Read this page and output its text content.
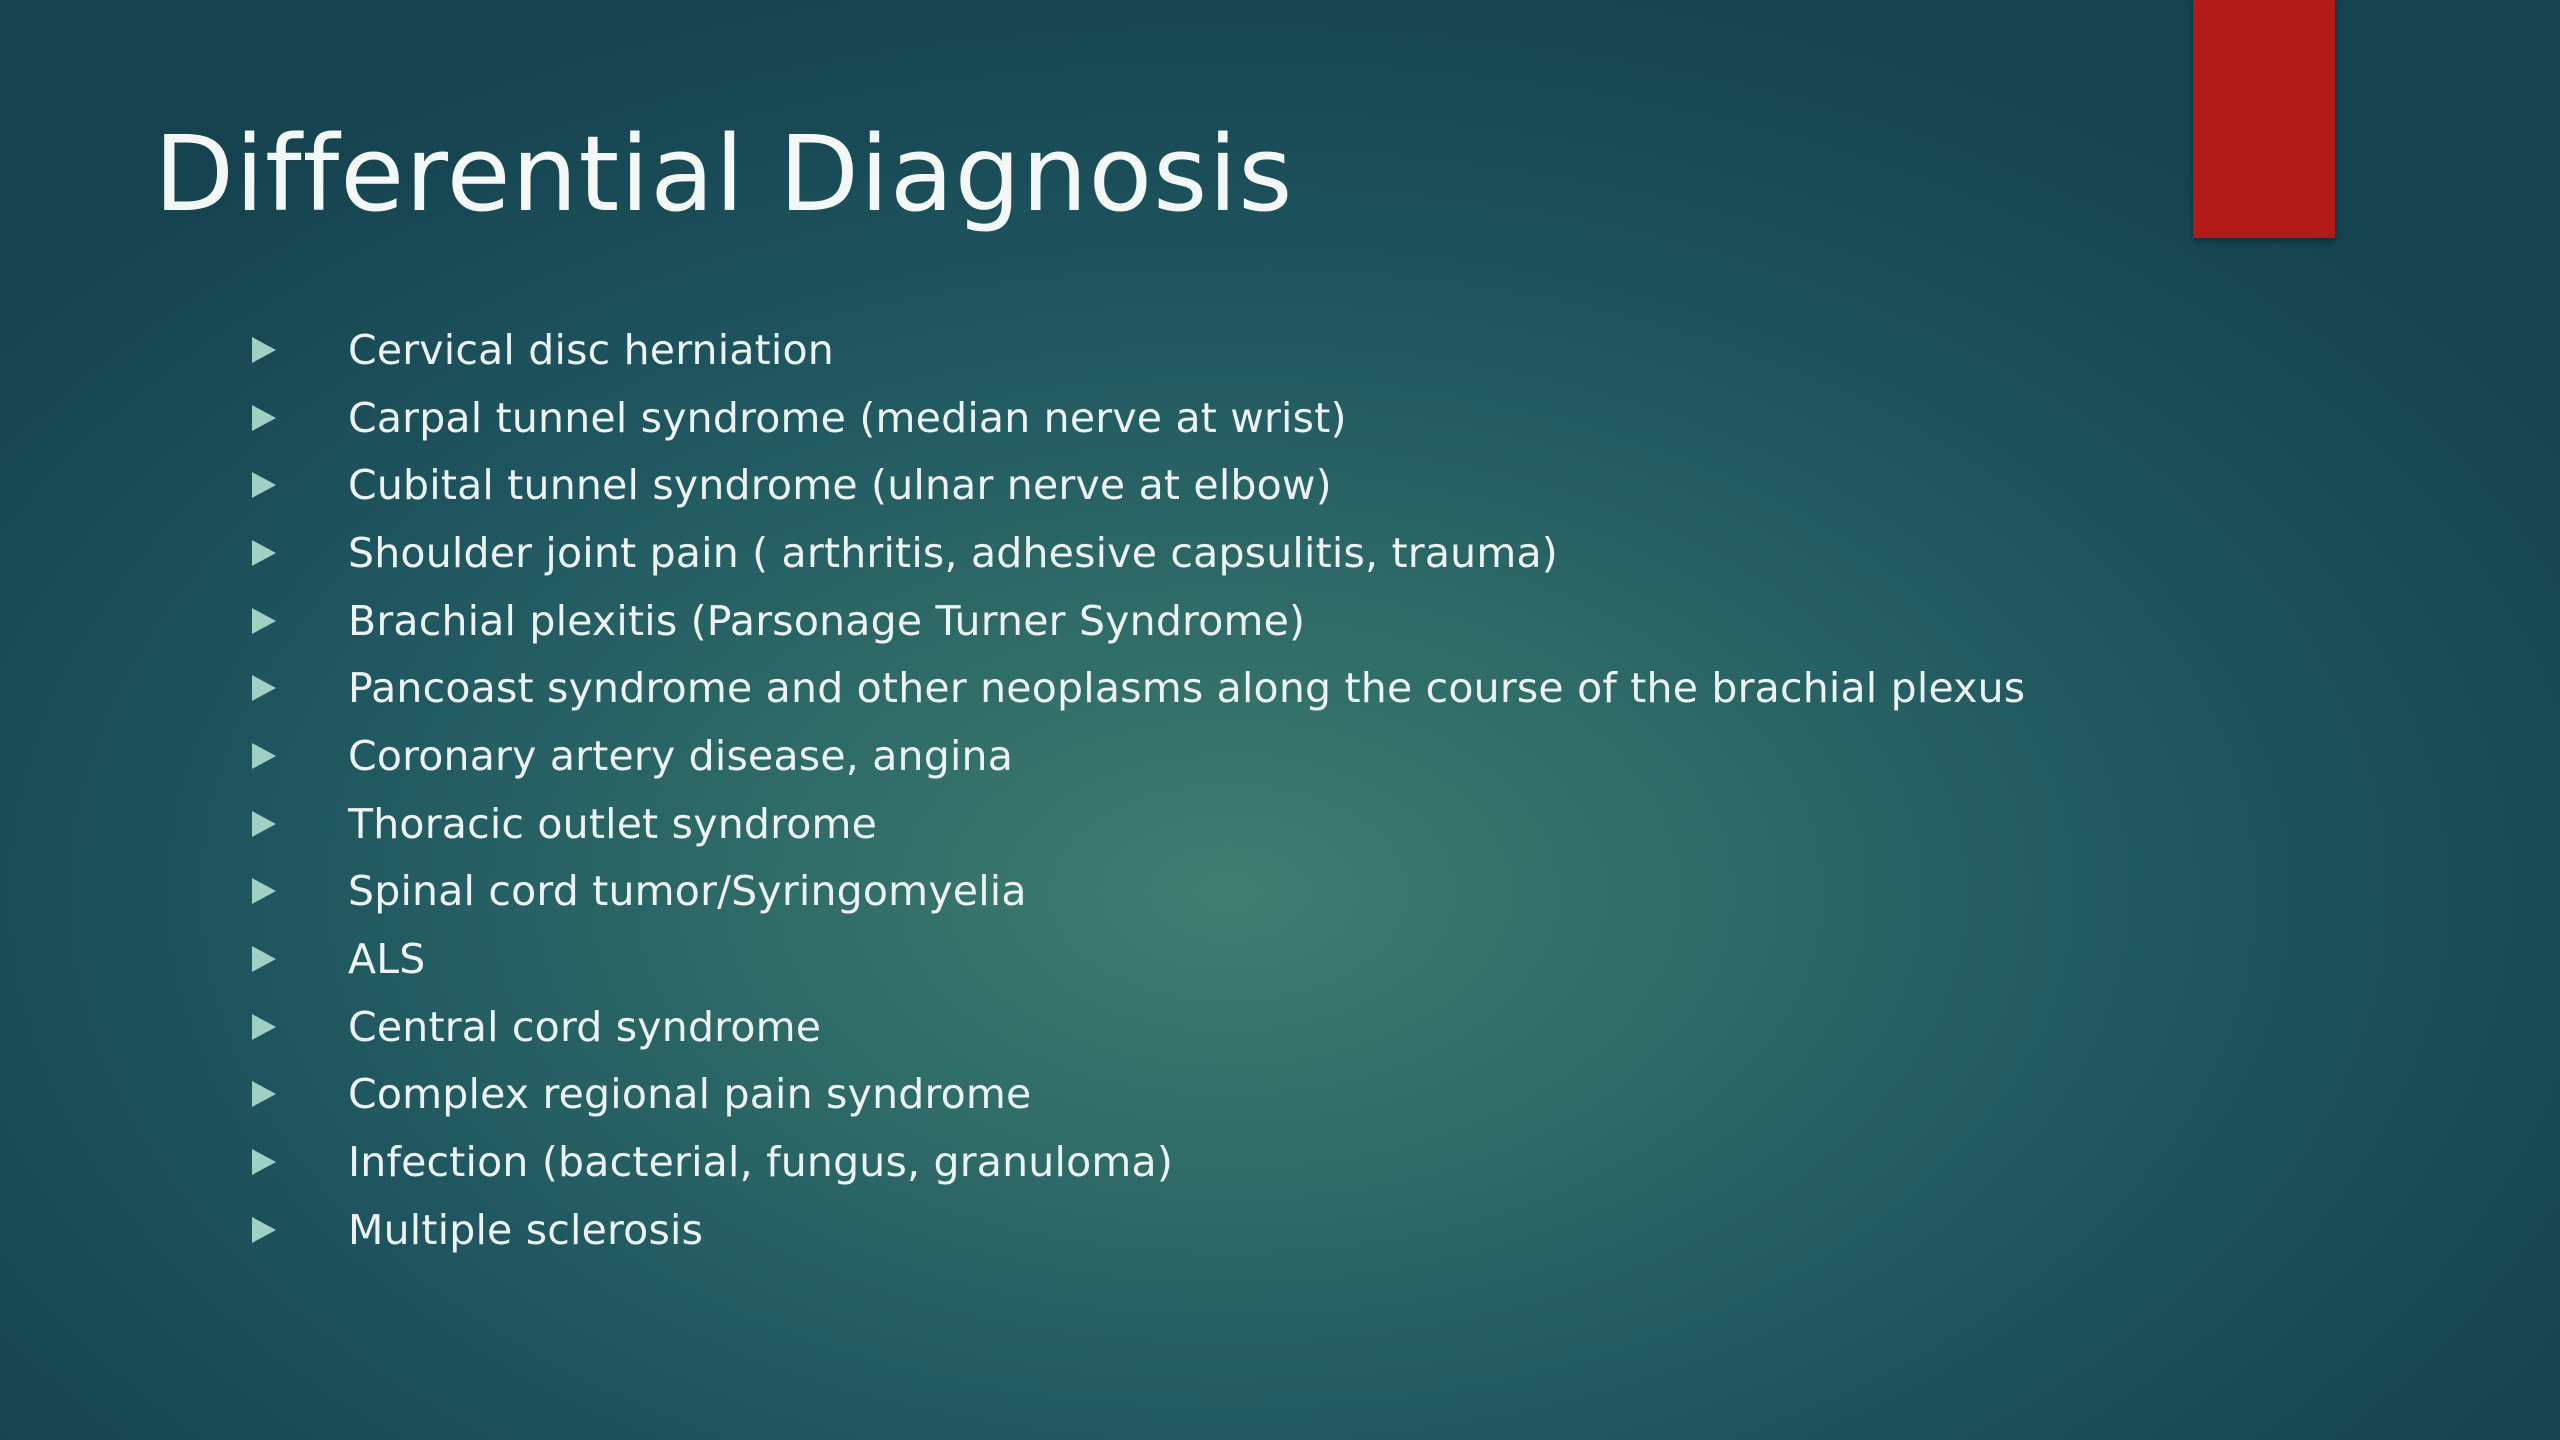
Differential Diagnosis
Cervical disc herniation
Carpal tunnel syndrome (median nerve at wrist)
Cubital tunnel syndrome (ulnar nerve at elbow)
Shoulder joint pain ( arthritis, adhesive capsulitis, trauma)
Brachial plexitis (Parsonage Turner Syndrome)
Pancoast syndrome and other neoplasms along the course of the brachial plexus
Coronary artery disease, angina
Thoracic outlet syndrome
Spinal cord tumor/Syringomyelia
ALS
Central cord syndrome
Complex regional pain syndrome
Infection (bacterial, fungus, granuloma)
Multiple sclerosis
